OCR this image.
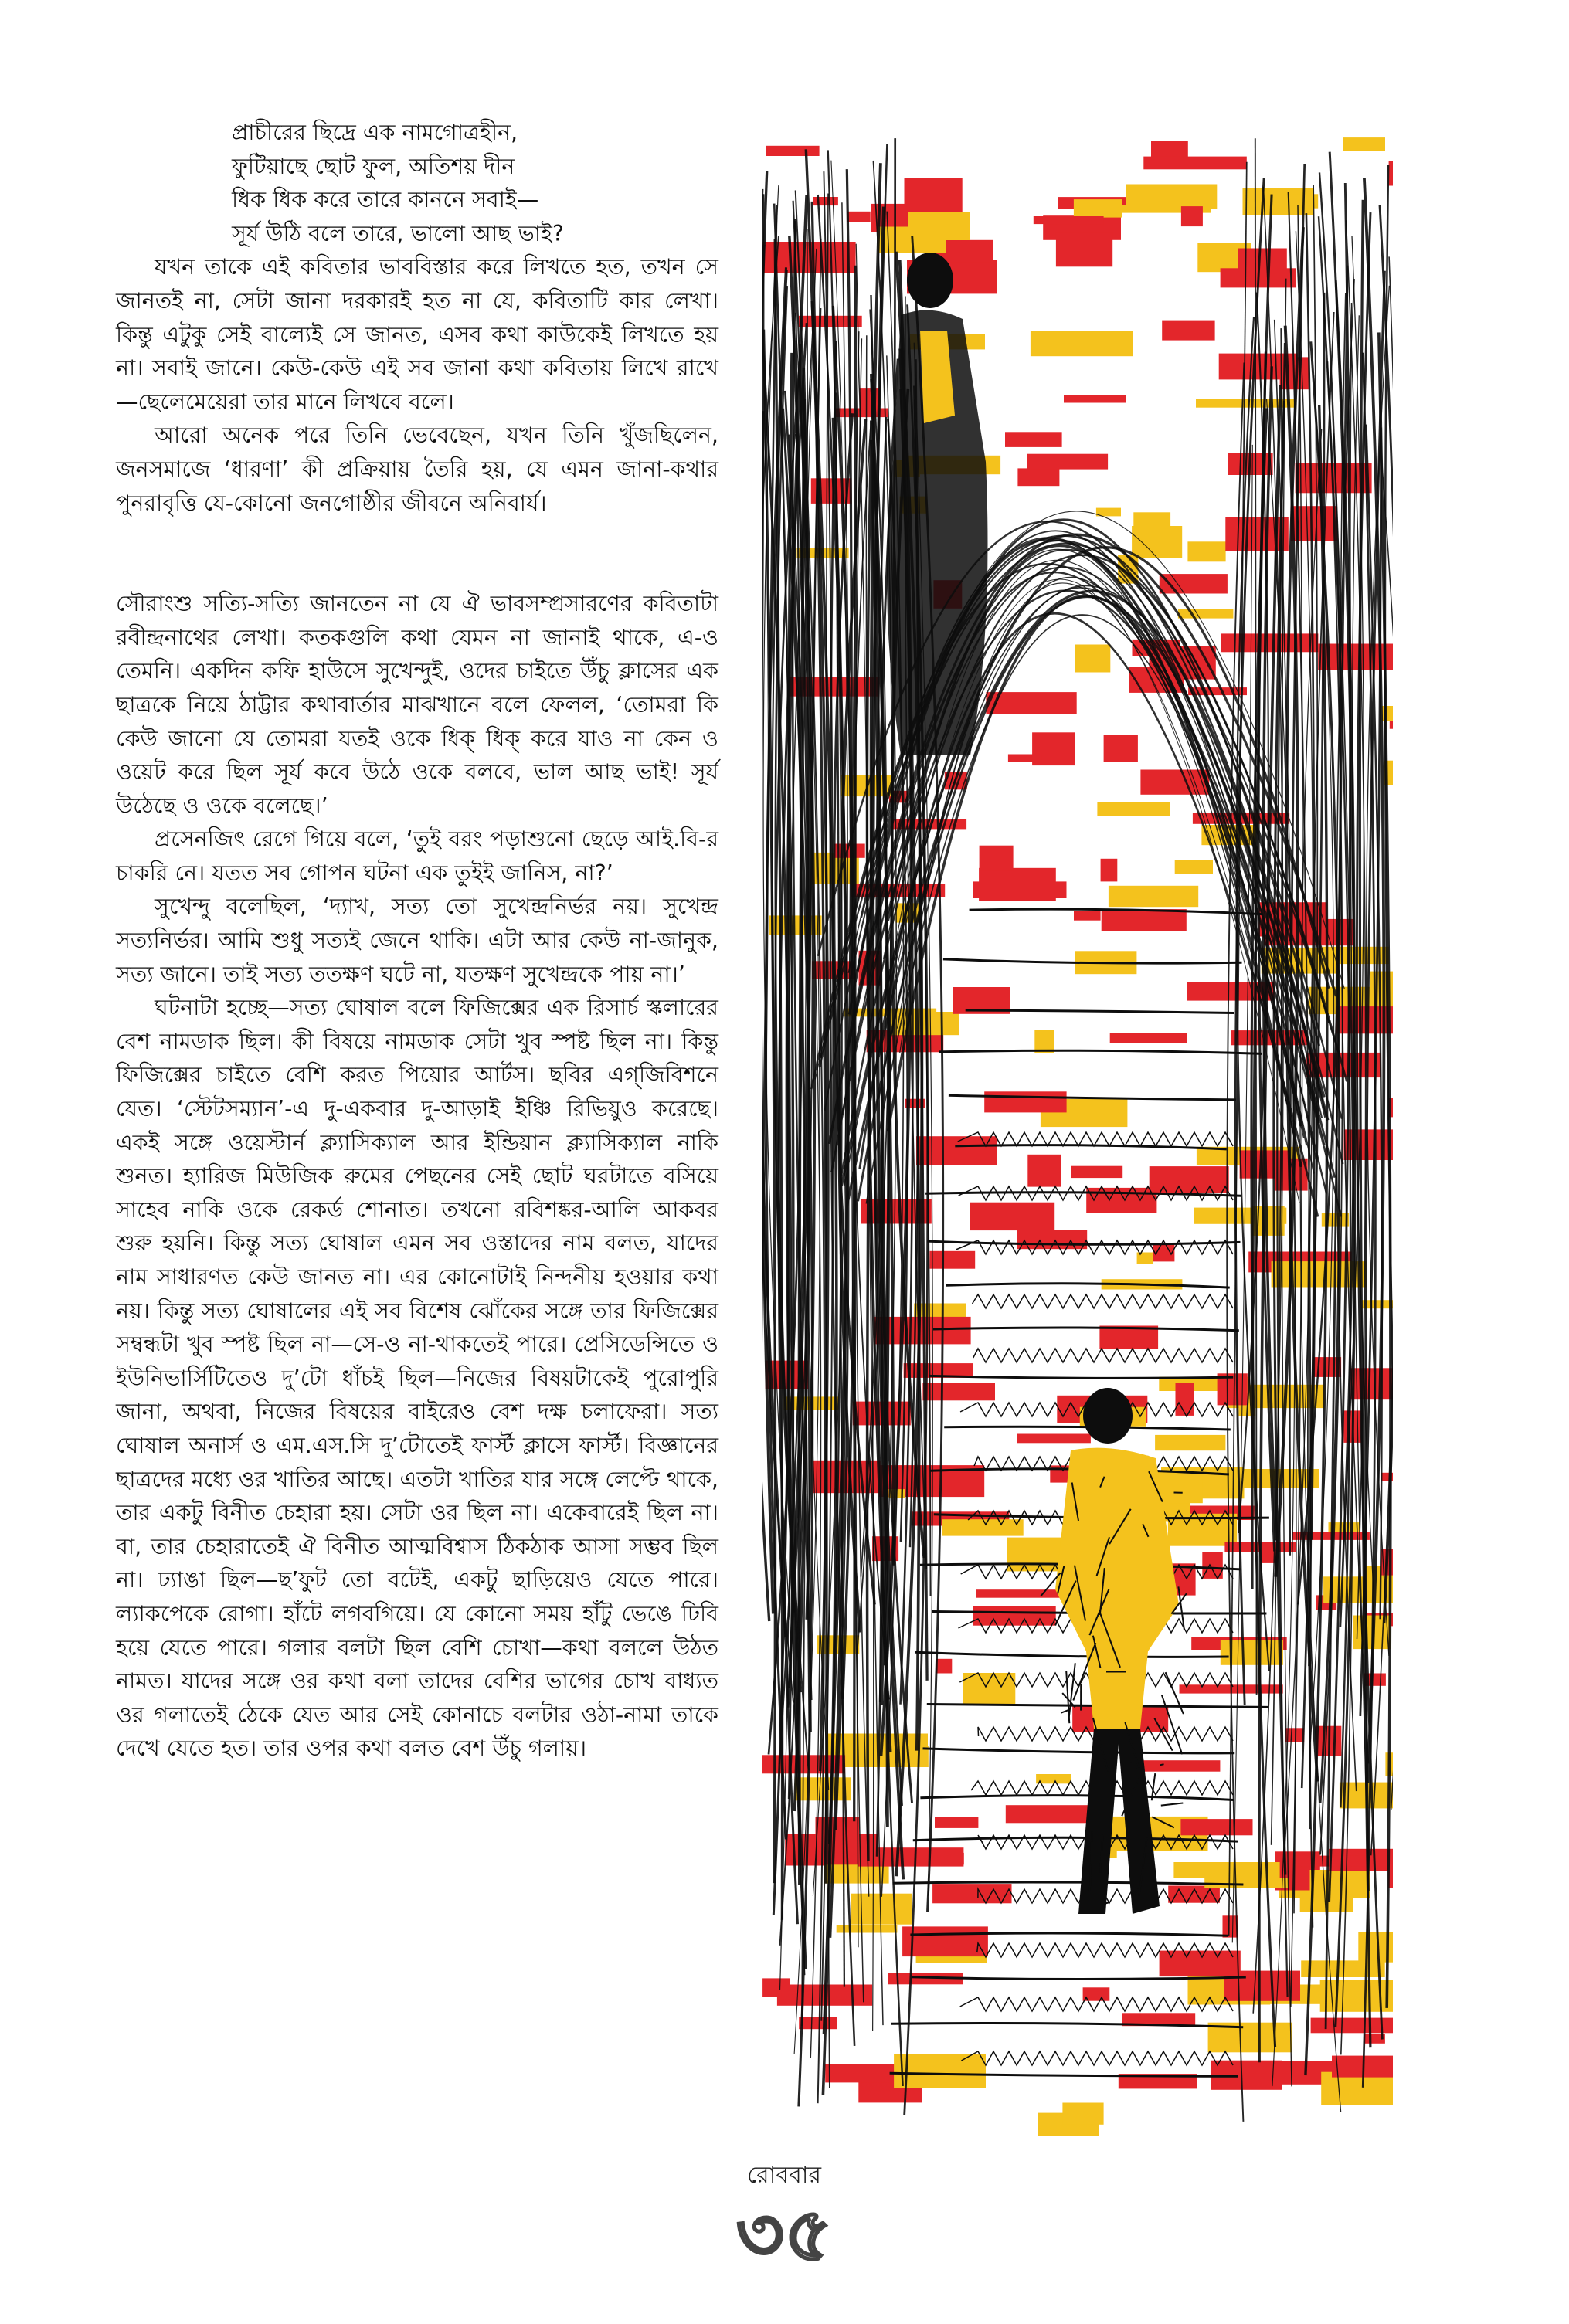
প্রাচীরের ছিদ্রে এক নামগোত্রহীন,
ফুটিয়াছে ছোট ফুল, অতিশয় দীন
ধিক ধিক করে তারে কাননে সবাই—
সূর্য উঠি বলে তারে, ভালো আছ ভাই?

যখন তাকে এই কবিতার ভাববিস্তার করে লিখতে হত, তখন সে জানতই না, সেটা জানা দরকারই হত না যে, কবিতাটি কার লেখা। কিন্তু এটুকু সেই বাল্যেই সে জানত, এসব কথা কাউকেই লিখতে হয় না। সবাই জানে। কেউ-কেউ এই সব জানা কথা কবিতায় লিখে রাখে—ছেলেমেয়েরা তার মানে লিখবে বলে।

আরো অনেক পরে তিনি ভেবেছেন, যখন তিনি খুঁজছিলেন, জনসমাজে ‘ধারণা’ কী প্রক্রিয়ায় তৈরি হয়, যে এমন জানা-কথার পুনরাবৃত্তি যে-কোনো জনগোষ্ঠীর জীবনে অনিবার্য।

সৌরাংশু সত্যি-সত্যি জানতেন না যে ঐ ভাবসম্প্রসারণের কবিতাটা রবীন্দ্রনাথের লেখা। কতকগুলি কথা যেমন না জানাই থাকে, এ-ও তেমনি। একদিন কফি হাউসে সুখেন্দুই, ওদের চাইতে উঁচু ক্লাসের এক ছাত্রকে নিয়ে ঠাট্টার কথাবার্তার মাঝখানে বলে ফেলল, ‘তোমরা কি কেউ জানো যে তোমরা যতই ওকে ধিক্‌ ধিক্‌ করে যাও না কেন ও ওয়েট করে ছিল সূর্য কবে উঠে ওকে বলবে, ভাল আছ ভাই! সূর্য উঠেছে ও ওকে বলেছে।’

প্রসেনজিৎ রেগে গিয়ে বলে, ‘তুই বরং পড়াশুনো ছেড়ে আই.বি-র চাকরি নে। যতত সব গোপন ঘটনা এক তুইই জানিস, না?’

সুখেন্দু বলেছিল, ‘দ্যাখ, সত্য তো সুখেন্দ্রনির্ভর নয়। সুখেন্দ্র সত্যনির্ভর। আমি শুধু সত্যই জেনে থাকি। এটা আর কেউ না-জানুক, সত্য জানে। তাই সত্য ততক্ষণ ঘটে না, যতক্ষণ সুখেন্দ্রকে পায় না।’

ঘটনাটা হচ্ছে—সত্য ঘোষাল বলে ফিজিক্সের এক রিসার্চ স্কলারের বেশ নামডাক ছিল। কী বিষয়ে নামডাক সেটা খুব স্পষ্ট ছিল না। কিন্তু ফিজিক্সের চাইতে বেশি করত পিয়োর আর্টস। ছবির এগ্‌জিবিশনে যেত। ‘স্টেটসম্যান’-এ দু-একবার দু-আড়াই ইঞ্চি রিভিয়ুও করেছে। একই সঙ্গে ওয়েস্টার্ন ক্ল্যাসিক্যাল আর ইন্ডিয়ান ক্ল্যাসিক্যাল নাকি শুনত। হ্যারিজ মিউজিক রুমের পেছনের সেই ছোট ঘরটাতে বসিয়ে সাহেব নাকি ওকে রেকর্ড শোনাত। তখনো রবিশঙ্কর-আলি আকবর শুরু হয়নি। কিন্তু সত্য ঘোষাল এমন সব ওস্তাদের নাম বলত, যাদের নাম সাধারণত কেউ জানত না। এর কোনোটাই নিন্দনীয় হওয়ার কথা নয়। কিন্তু সত্য ঘোষালের এই সব বিশেষ ঝোঁকের সঙ্গে তার ফিজিক্সের সম্বন্ধটা খুব স্পষ্ট ছিল না—সে-ও না-থাকতেই পারে। প্রেসিডেন্সিতে ও ইউনিভার্সিটিতেও দু’টো ধাঁচই ছিল—নিজের বিষয়টাকেই পুরোপুরি জানা, অথবা, নিজের বিষয়ের বাইরেও বেশ দক্ষ চলাফেরা। সত্য ঘোষাল অনার্স ও এম.এস.সি দু’টোতেই ফার্স্ট ক্লাসে ফার্স্ট। বিজ্ঞানের ছাত্রদের মধ্যে ওর খাতির আছে। এতটা খাতির যার সঙ্গে লেপ্টে থাকে, তার একটু বিনীত চেহারা হয়। সেটা ওর ছিল না। একেবারেই ছিল না। বা, তার চেহারাতেই ঐ বিনীত আত্মবিশ্বাস ঠিকঠাক আসা সম্ভব ছিল না। ঢ্যাঙা ছিল—ছ’ফুট তো বটেই, একটু ছাড়িয়েও যেতে পারে। ল্যাকপেকে রোগা। হাঁটে লগবগিয়ে। যে কোনো সময় হাঁটু ভেঙে ঢিবি হয়ে যেতে পারে। গলার বলটা ছিল বেশি চোখা—কথা বললে উঠত নামত। যাদের সঙ্গে ওর কথা বলা তাদের বেশির ভাগের চোখ বাধ্যত ওর গলাতেই ঠেকে যেত আর সেই কোনাচে বলটার ওঠা-নামা তাকে দেখে যেতে হত। তার ওপর কথা বলত বেশ উঁচু গলায়।

রোববার
৩৫
